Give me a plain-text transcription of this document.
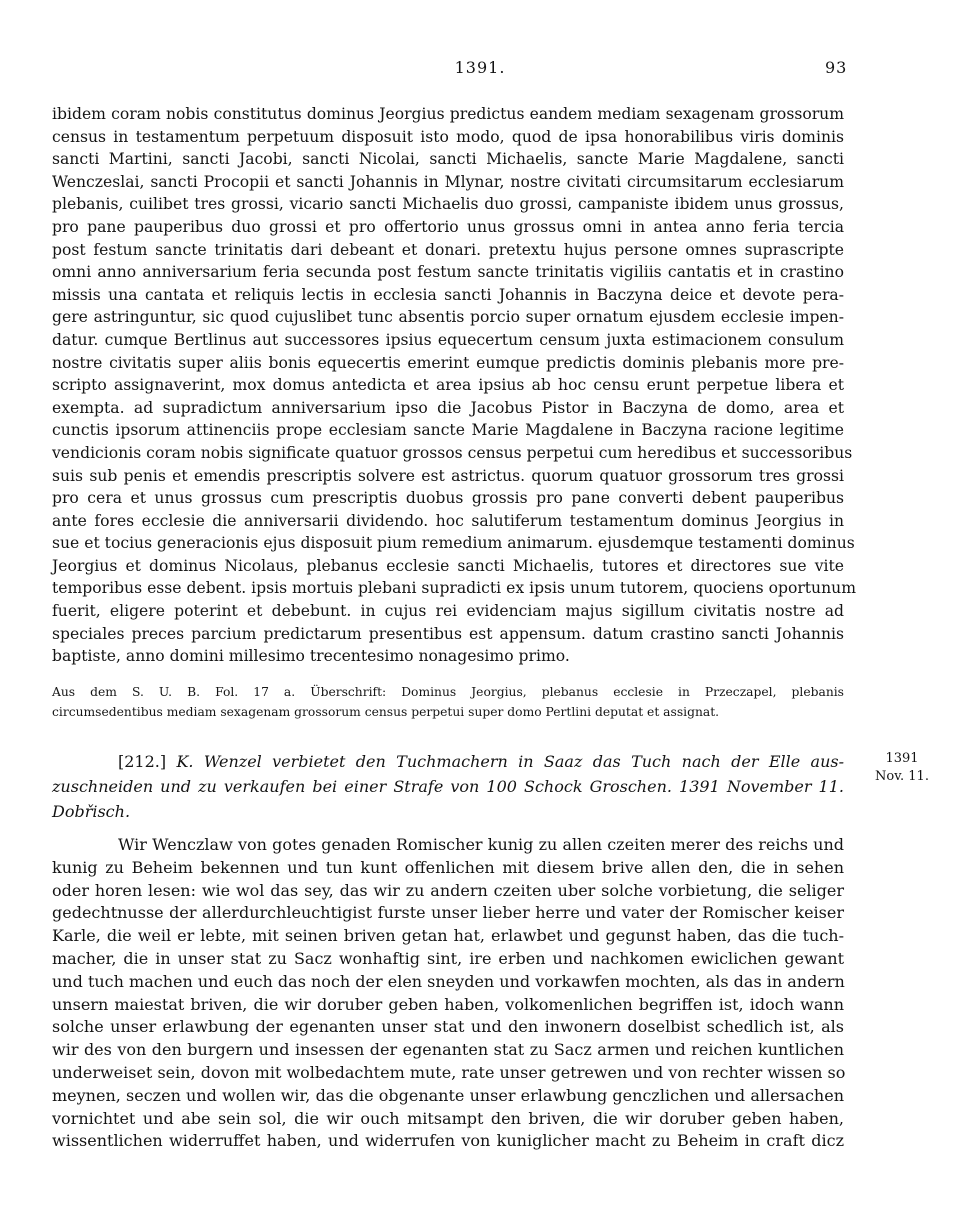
1391.	93
ibidem coram nobis constitutus dominus Jeorgius predictus eandem mediam sexagenam grossorum
census in testamentum perpetuum disposuit isto modo, quod de ipsa honorabilibus viris dominis
sancti Martini, sancti Jacobi, sancti Nicolai, sancti Michaelis, sancte Marie Magdalene, sancti
Wenczeslai, sancti Procopii et sancti Johannis in Mlynar, nostre civitati circumsitarum ecclesiarum
plebanis, cuilibet tres grossi, vicario sancti Michaelis duo grossi, campaniste ibidem unus grossus,
pro pane pauperibus duo grossi et pro offertorio unus grossus omni in antea anno feria tercia
post festum sancte trinitatis dari debeant et donari. pretextu hujus persone omnes suprascripte
omni anno anniversarium feria secunda post festum sancte trinitatis vigiliis cantatis et in crastino
missis una cantata et reliquis lectis in ecclesia sancti Johannis in Baczyna deice et devote pera-
gere astringuntur, sic quod cujuslibet tunc absentis porcio super ornatum ejusdem ecclesie impen-
datur. cumque Bertlinus aut successores ipsius equecertum censum juxta estimacionem consulum
nostre civitatis super aliis bonis equecertis emerint eumque predictis dominis plebanis more pre-
scripto assignaverint, mox domus antedicta et area ipsius ab hoc censu erunt perpetue libera et
exempta. ad supradictum anniversarium ipso die Jacobus Pistor in Baczyna de domo, area et
cunctis ipsorum attinenciis prope ecclesiam sancte Marie Magdalene in Baczyna racione legitime
vendicionis coram nobis significate quatuor grossos census perpetui cum heredibus et successoribus
suis sub penis et emendis prescriptis solvere est astrictus. quorum quatuor grossorum tres grossi
pro cera et unus grossus cum prescriptis duobus grossis pro pane converti debent pauperibus
ante fores ecclesie die anniversarii dividendo. hoc salutiferum testamentum dominus Jeorgius in
sue et tocius generacionis ejus disposuit pium remedium animarum. ejusdemque testamenti dominus
Jeorgius et dominus Nicolaus, plebanus ecclesie sancti Michaelis, tutores et directores sue vite
temporibus esse debent. ipsis mortuis plebani supradicti ex ipsis unum tutorem, quociens oportunum
fuerit, eligere poterint et debebunt. in cujus rei evidenciam majus sigillum civitatis nostre ad
speciales preces parcium predictarum presentibus est appensum. datum crastino sancti Johannis
baptiste, anno domini millesimo trecentesimo nonagesimo primo.
Aus dem S. U. B. Fol. 17 a. Überschrift: Dominus Jeorgius, plebanus ecclesie in Przeczapel, plebanis
circumsedentibus mediam sexagenam grossorum census perpetui super domo Pertlini deputat et assignat.
[212.] K. Wenzel verbietet den Tuchmachern in Saaz das Tuch nach der Elle aus-
zuschneiden und zu verkaufen bei einer Strafe von 100 Schock Groschen. 1391 November 11.
Dobřisch.
1391
Nov. 11.
Wir Wenczlaw von gotes genaden Romischer kunig zu allen czeiten merer des reichs und
kunig zu Beheim bekennen und tun kunt offenlichen mit diesem brive allen den, die in sehen
oder horen lesen: wie wol das sey, das wir zu andern czeiten uber solche vorbietung, die seliger
gedechtnusse der allerdurchleuchtigist furste unser lieber herre und vater der Romischer keiser
Karle, die weil er lebte, mit seinen briven getan hat, erlawbet und gegunst haben, das die tuch-
macher, die in unser stat zu Sacz wonhaftig sint, ire erben und nachkomen ewiclichen gewant
und tuch machen und euch das noch der elen sneyden und vorkawfen mochten, als das in andern
unsern maiestat briven, die wir doruber geben haben, volkomenlichen begriffen ist, idoch wann
solche unser erlawbung der egenanten unser stat und den inwonern doselbist schedlich ist, als
wir des von den burgern und insessen der egenanten stat zu Sacz armen und reichen kuntlichen
underweiset sein, dovon mit wolbedachtem mute, rate unser getrewen und von rechter wissen so
meynen, seczen und wollen wir, das die obgenante unser erlawbung genczlichen und allersachen
vornichtet und abe sein sol, die wir ouch mitsampt den briven, die wir doruber geben haben,
wissentlichen widerruffet haben, und widerrufen von kuniglicher macht zu Beheim in craft dicz
